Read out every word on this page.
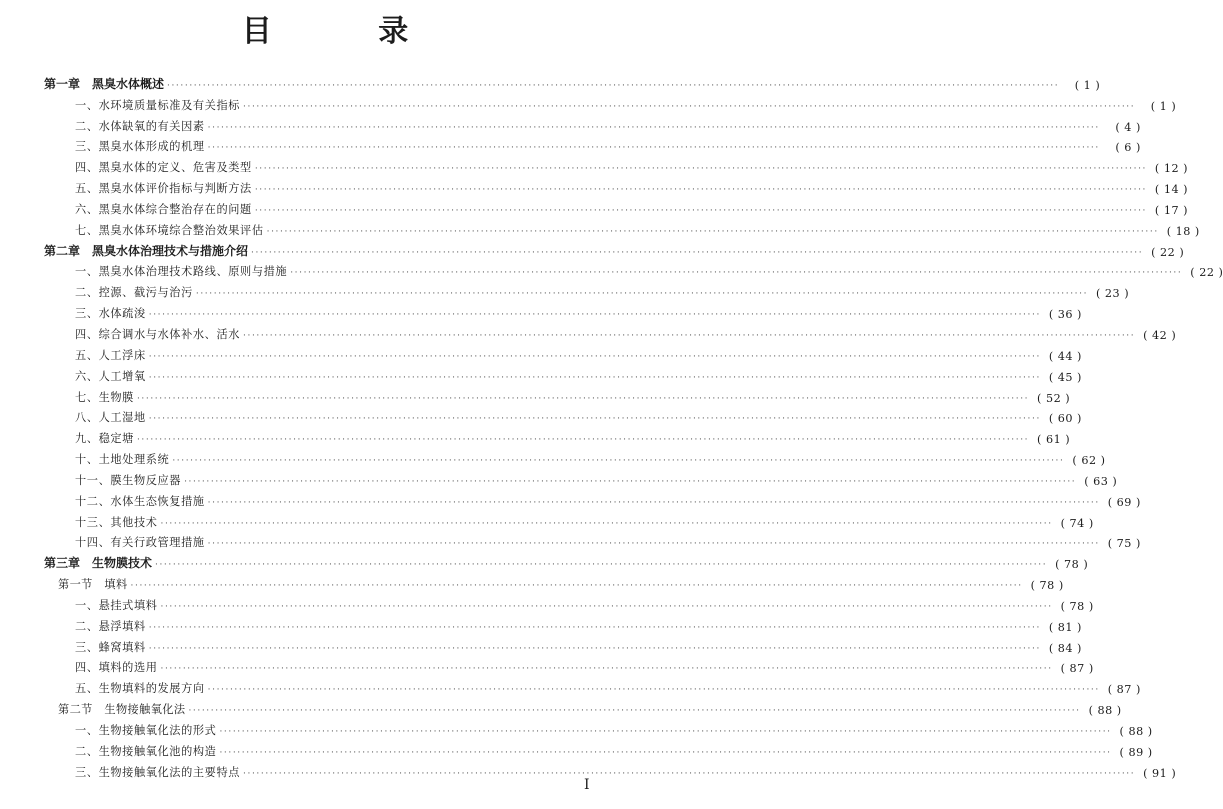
目 录
第一章　黑臭水体概述 ········································································································································································································	( 1 )
一、水环境质量标准及有关指标 ········································································································································································································	( 1 )
二、水体缺氧的有关因素 ········································································································································································································	( 4 )
三、黑臭水体形成的机理 ········································································································································································································	( 6 )
四、黑臭水体的定义、危害及类型 ········································································································································································································ ( 12 )
五、黑臭水体评价指标与判断方法 ········································································································································································································ ( 14 )
六、黑臭水体综合整治存在的问题 ········································································································································································································ ( 17 )
七、黑臭水体环境综合整治效果评估 ········································································································································································································ ( 18 )
第二章　黑臭水体治理技术与措施介绍 ········································································································································································································ ( 22 )
一、黑臭水体治理技术路线、原则与措施 ········································································································································································································ ( 22 )
二、控源、截污与治污 ········································································································································································································ ( 23 )
三、水体疏浚 ········································································································································································································ ( 36 )
四、综合调水与水体补水、活水 ········································································································································································································ ( 42 )
五、人工浮床 ········································································································································································································ ( 44 )
六、人工增氧 ········································································································································································································ ( 45 )
七、生物膜 ········································································································································································································ ( 52 )
八、人工湿地 ········································································································································································································ ( 60 )
九、稳定塘 ········································································································································································································ ( 61 )
十、土地处理系统 ········································································································································································································ ( 62 )
十一、膜生物反应器 ········································································································································································································ ( 63 )
十二、水体生态恢复措施 ········································································································································································································ ( 69 )
十三、其他技术 ········································································································································································································ ( 74 )
十四、有关行政管理措施 ········································································································································································································ ( 75 )
第三章　生物膜技术 ········································································································································································································ ( 78 )
第一节　填料 ········································································································································································································ ( 78 )
一、悬挂式填料 ········································································································································································································ ( 78 )
二、悬浮填料 ········································································································································································································ ( 81 )
三、蜂窝填料 ········································································································································································································ ( 84 )
四、填料的选用 ········································································································································································································ ( 87 )
五、生物填料的发展方向 ········································································································································································································ ( 87 )
第二节　生物接触氧化法 ········································································································································································································ ( 88 )
一、生物接触氧化法的形式 ········································································································································································································ ( 88 )
二、生物接触氧化池的构造 ········································································································································································································ ( 89 )
三、生物接触氧化法的主要特点 ········································································································································································································ ( 91 )
Ⅰ
